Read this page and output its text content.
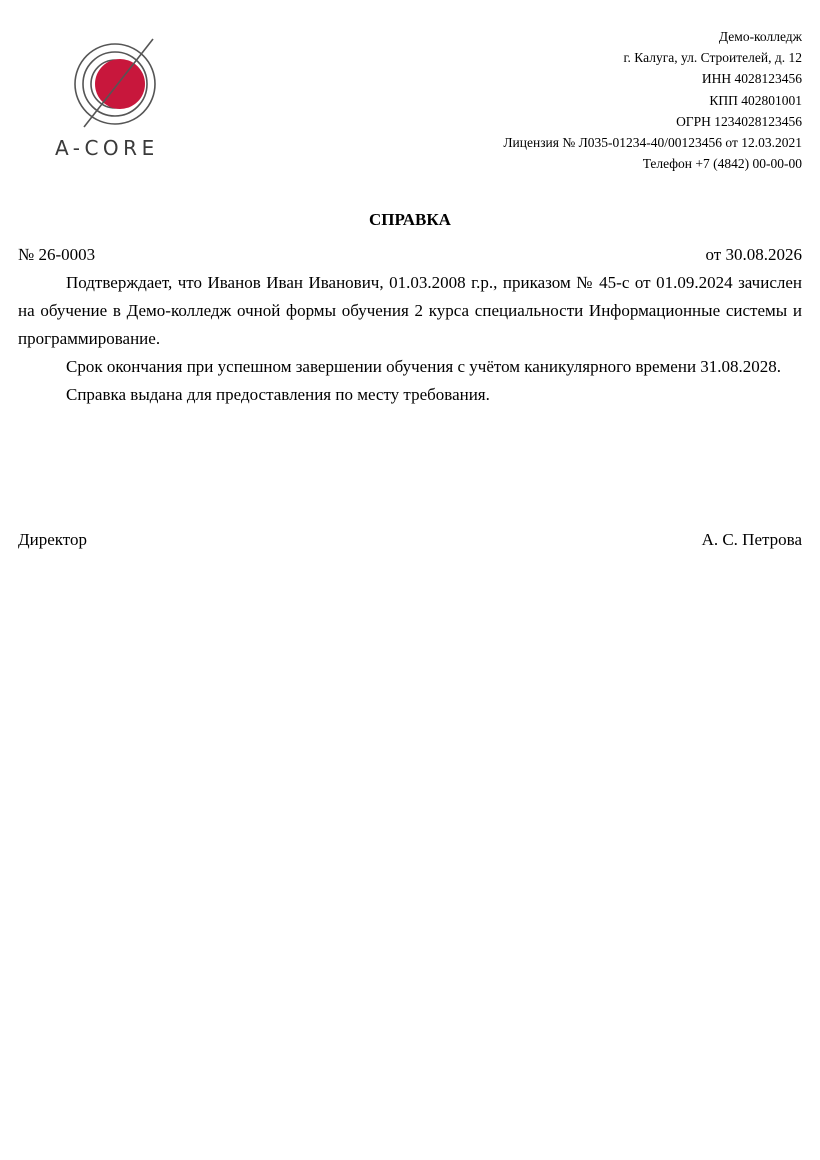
A-CORE
Демо-колледж
г. Калуга, ул. Строителей, д. 12
ИНН 4028123456
КПП 402801001
ОГРН 1234028123456
Лицензия № Л035-01234-40/00123456 от 12.03.2021
Телефон +7 (4842) 00-00-00
СПРАВКА
№ 26-0003	от 30.08.2026

Подтверждает, что Иванов Иван Иванович, 01.03.2008 г.р., приказом № 45-с от 01.09.2024 зачислен на обучение в Демо-колледж очной формы обучения 2 курса специальности Информационные системы и программирование.

Срок окончания при успешном завершении обучения с учётом каникулярного времени 31.08.2028.

Справка выдана для предоставления по месту требования.

Директор	А. С. Петрова
